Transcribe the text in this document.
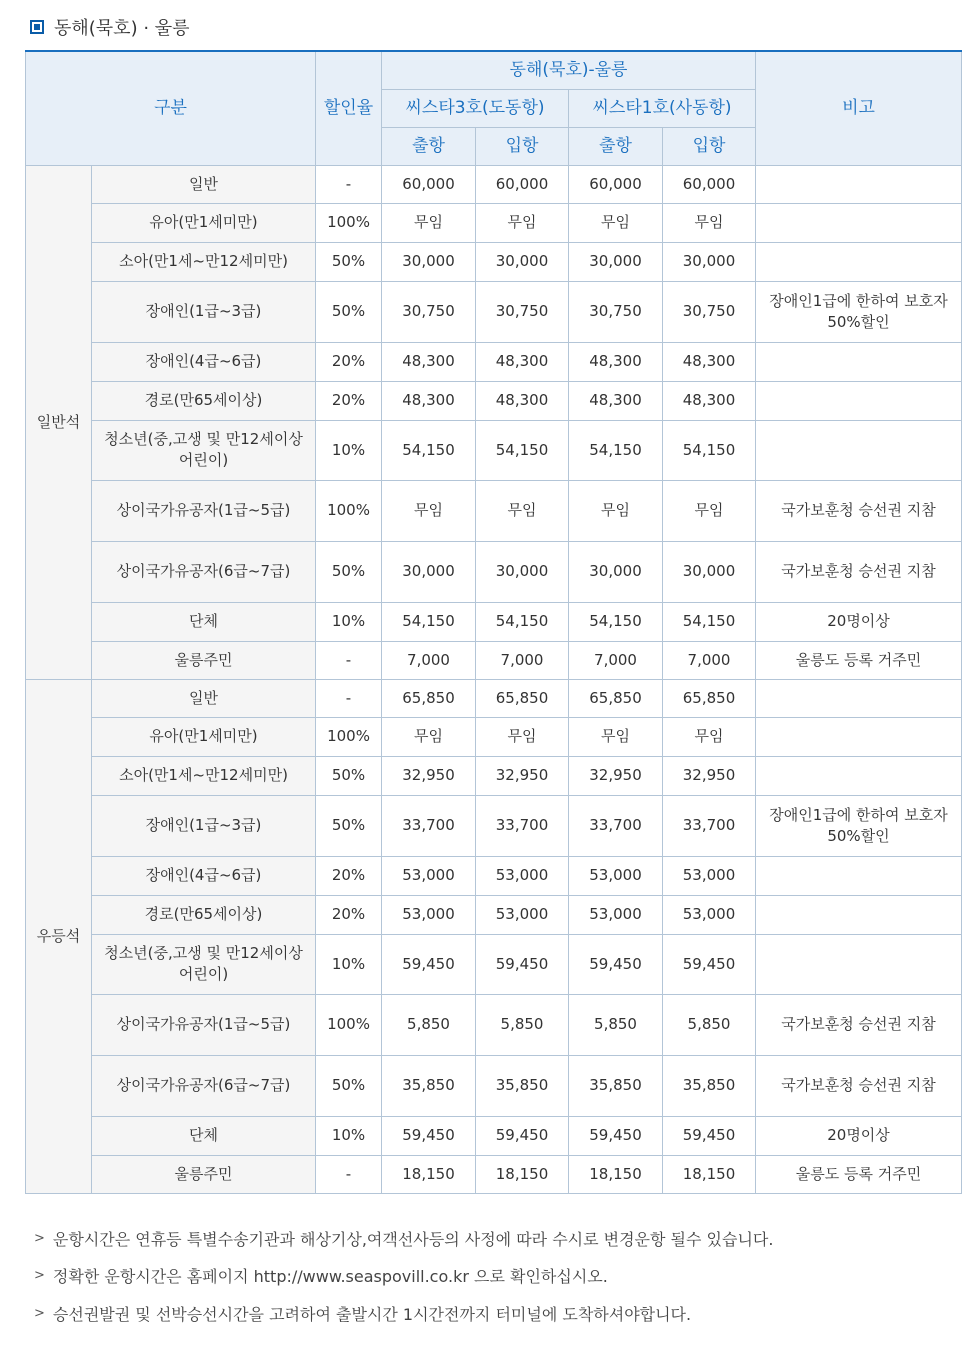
동해(묵호) · 울릉
구분		할인율	동해(묵호)-울릉				비고
			씨스타3호(도동항)		씨스타1호(사동항)		
			출항	입항	출항	입항	
일반석	일반	-	60,000	60,000	60,000	60,000	
	유아(만1세미만)	100%	무임	무임	무임	무임	
	소아(만1세~만12세미만)	50%	30,000	30,000	30,000	30,000	
	장애인(1급~3급)	50%	30,750	30,750	30,750	30,750	장애인1급에 한하여 보호자 50%할인
	장애인(4급~6급)	20%	48,300	48,300	48,300	48,300	
	경로(만65세이상)	20%	48,300	48,300	48,300	48,300	
	청소년(중,고생 및 만12세이상 어린이)	10%	54,150	54,150	54,150	54,150	
	상이국가유공자(1급~5급)	100%	무임	무임	무임	무임	국가보훈청 승선권 지참
	상이국가유공자(6급~7급)	50%	30,000	30,000	30,000	30,000	국가보훈청 승선권 지참
	단체	10%	54,150	54,150	54,150	54,150	20명이상
	울릉주민	-	7,000	7,000	7,000	7,000	울릉도 등록 거주민
우등석	일반	-	65,850	65,850	65,850	65,850	
	유아(만1세미만)	100%	무임	무임	무임	무임	
	소아(만1세~만12세미만)	50%	32,950	32,950	32,950	32,950	
	장애인(1급~3급)	50%	33,700	33,700	33,700	33,700	장애인1급에 한하여 보호자 50%할인
	장애인(4급~6급)	20%	53,000	53,000	53,000	53,000	
	경로(만65세이상)	20%	53,000	53,000	53,000	53,000	
	청소년(중,고생 및 만12세이상 어린이)	10%	59,450	59,450	59,450	59,450	
	상이국가유공자(1급~5급)	100%	5,850	5,850	5,850	5,850	국가보훈청 승선권 지참
	상이국가유공자(6급~7급)	50%	35,850	35,850	35,850	35,850	국가보훈청 승선권 지참
	단체	10%	59,450	59,450	59,450	59,450	20명이상
	울릉주민	-	18,150	18,150	18,150	18,150	울릉도 등록 거주민
> 운항시간은 연휴등 특별수송기관과 해상기상,여객선사등의 사정에 따라 수시로 변경운항 될수 있습니다.
> 정확한 운항시간은 홈페이지 http://www.seaspovill.co.kr 으로 확인하십시오.
> 승선권발권 및 선박승선시간을 고려하여 출발시간 1시간전까지 터미널에 도착하셔야합니다.
